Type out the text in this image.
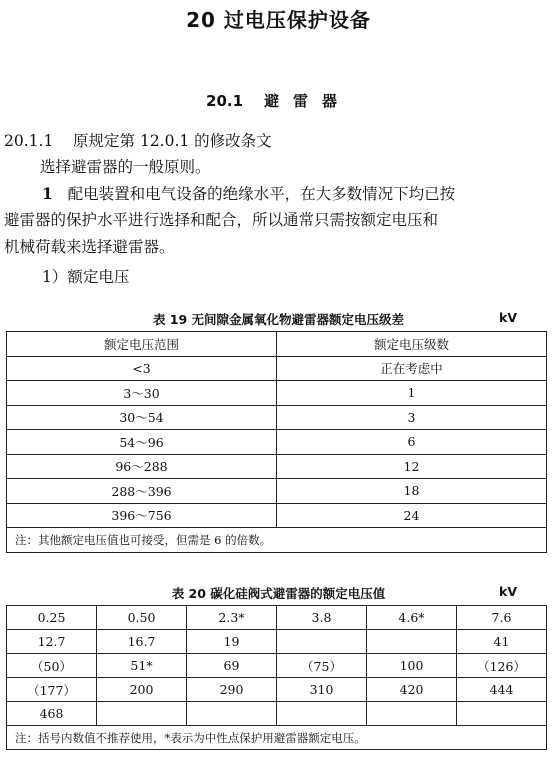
20 过电压保护设备
20.1 避雷器
20.1.1 原规定第 12.0.1 的修改条文
选择避雷器的一般原则。
1 配电装置和电气设备的绝缘水平，在大多数情况下均已按
避雷器的保护水平进行选择和配合，所以通常只需按额定电压和
机械荷载来选择避雷器。
1）额定电压
表 19 无间隙金属氧化物避雷器额定电压级差	kV
额定电压范围	额定电压级数
<3	正在考虑中
3～30	1
30～54	3
54～96	6
96～288	12
288～396	18
396～756	24
注：其他额定电压值也可接受，但需是 6 的倍数。	
表 20 碳化硅阀式避雷器的额定电压值	kV
0.25	0.50	2.3*	3.8	4.6*	7.6
12.7	16.7	19			41
（50）	51*	69	（75）	100	（126）
（177）	200	290	310	420	444
468					
注：括号内数值不推荐使用，*表示为中性点保护用避雷器额定电压。					
